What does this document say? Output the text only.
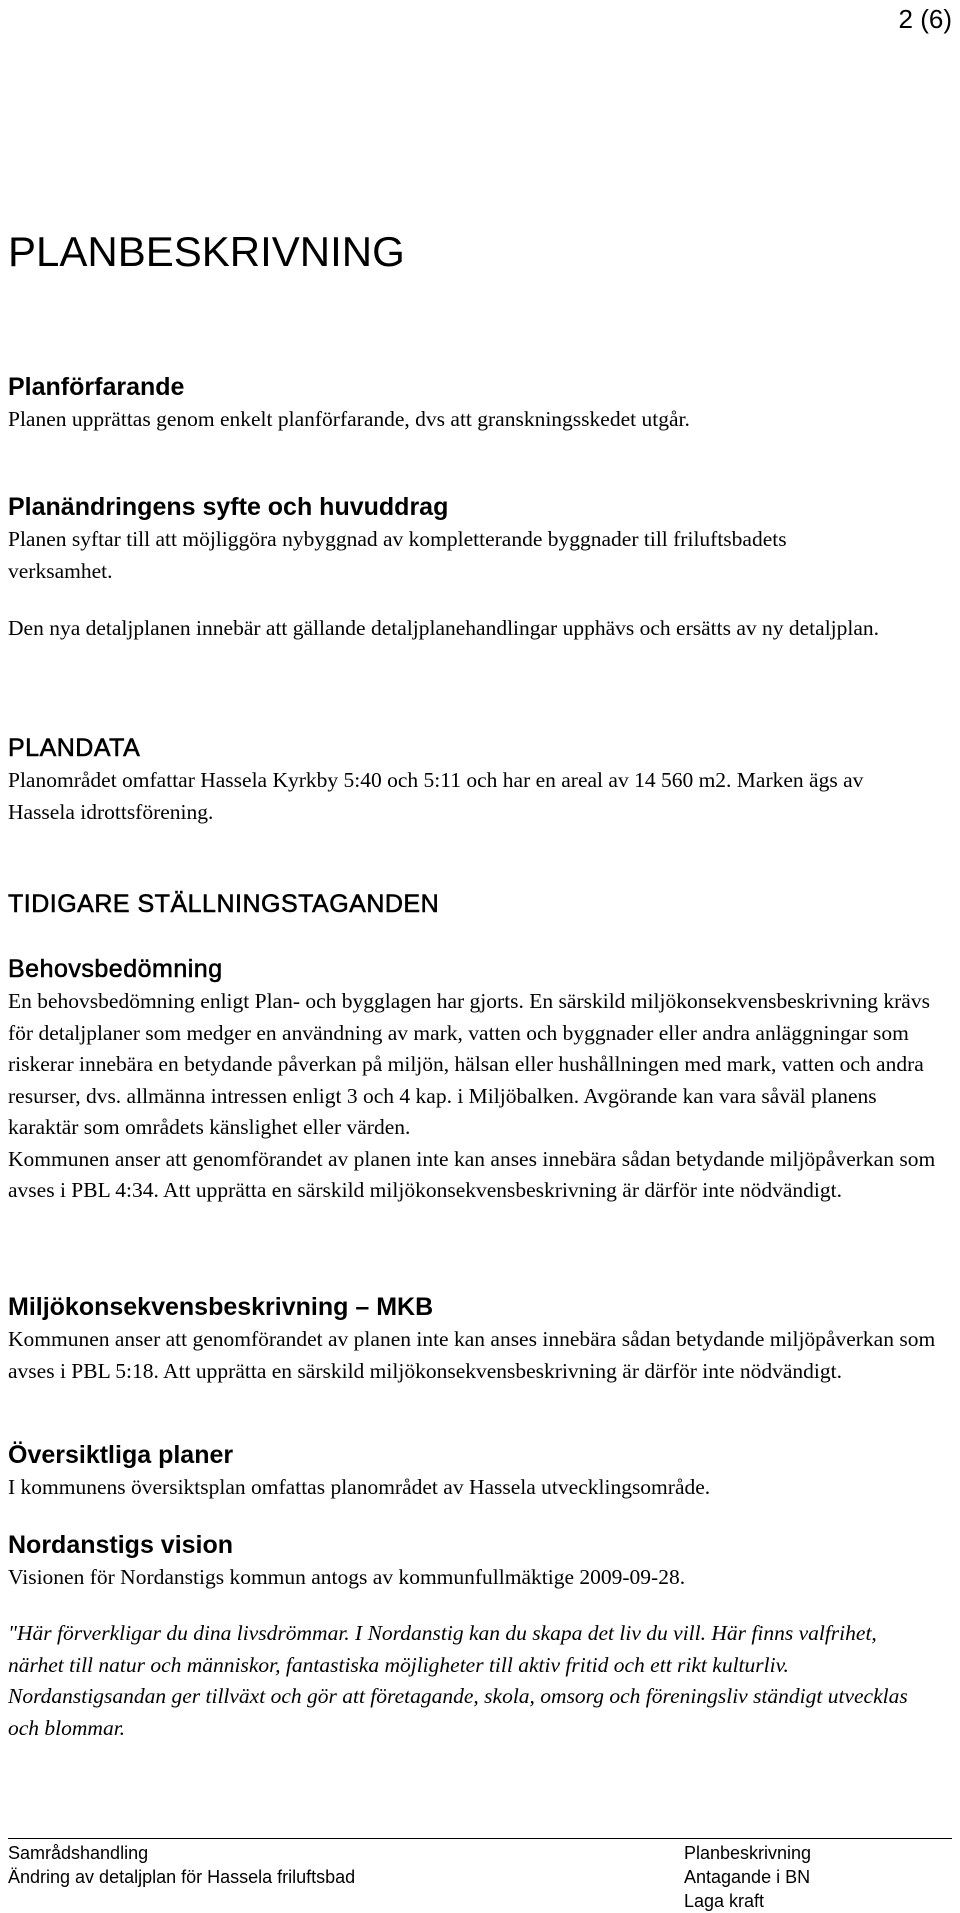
2 (6)
PLANBESKRIVNING
Planförfarande

Planen upprättas genom enkelt planförfarande, dvs att granskningsskedet utgår.

Planändringens syfte och huvuddrag

Planen syftar till att möjliggöra nybyggnad av kompletterande byggnader till friluftsbadets verksamhet.

Den nya detaljplanen innebär att gällande detaljplanehandlingar upphävs och ersätts av ny detaljplan.

PLANDATA

Planområdet omfattar Hassela Kyrkby 5:40 och 5:11 och har en areal av 14 560 m2. Marken ägs av Hassela idrottsförening.

TIDIGARE STÄLLNINGSTAGANDEN
Behovsbedömning

En behovsbedömning enligt Plan- och bygglagen har gjorts. En särskild miljökonsekvensbeskrivning krävs för detaljplaner som medger en användning av mark, vatten och byggnader eller andra anläggningar som riskerar innebära en betydande påverkan på miljön, hälsan eller hushållningen med mark, vatten och andra resurser, dvs. allmänna intressen enligt 3 och 4 kap. i Miljöbalken. Avgörande kan vara såväl planens karaktär som områdets känslighet eller värden.

Kommunen anser att genomförandet av planen inte kan anses innebära sådan betydande miljöpåverkan som avses i PBL 4:34. Att upprätta en särskild miljökonsekvensbeskrivning är därför inte nödvändigt.

Miljökonsekvensbeskrivning – MKB

Kommunen anser att genomförandet av planen inte kan anses innebära sådan betydande miljöpåverkan som avses i PBL 5:18. Att upprätta en särskild miljökonsekvensbeskrivning är därför inte nödvändigt.

Översiktliga planer

I kommunens översiktsplan omfattas planområdet av Hassela utvecklingsområde.

Nordanstigs vision

Visionen för Nordanstigs kommun antogs av kommunfullmäktige 2009-09-28.

"Här förverkligar du dina livsdrömmar. I Nordanstig kan du skapa det liv du vill. Här finns valfrihet, närhet till natur och människor, fantastiska möjligheter till aktiv fritid och ett rikt kulturliv. Nordanstigsandan ger tillväxt och gör att företagande, skola, omsorg och föreningsliv ständigt utvecklas och blommar.

Samrådshandling
Ändring av detaljplan för Hassela friluftsbad
Planbeskrivning
Antagande i BN
Laga kraft
